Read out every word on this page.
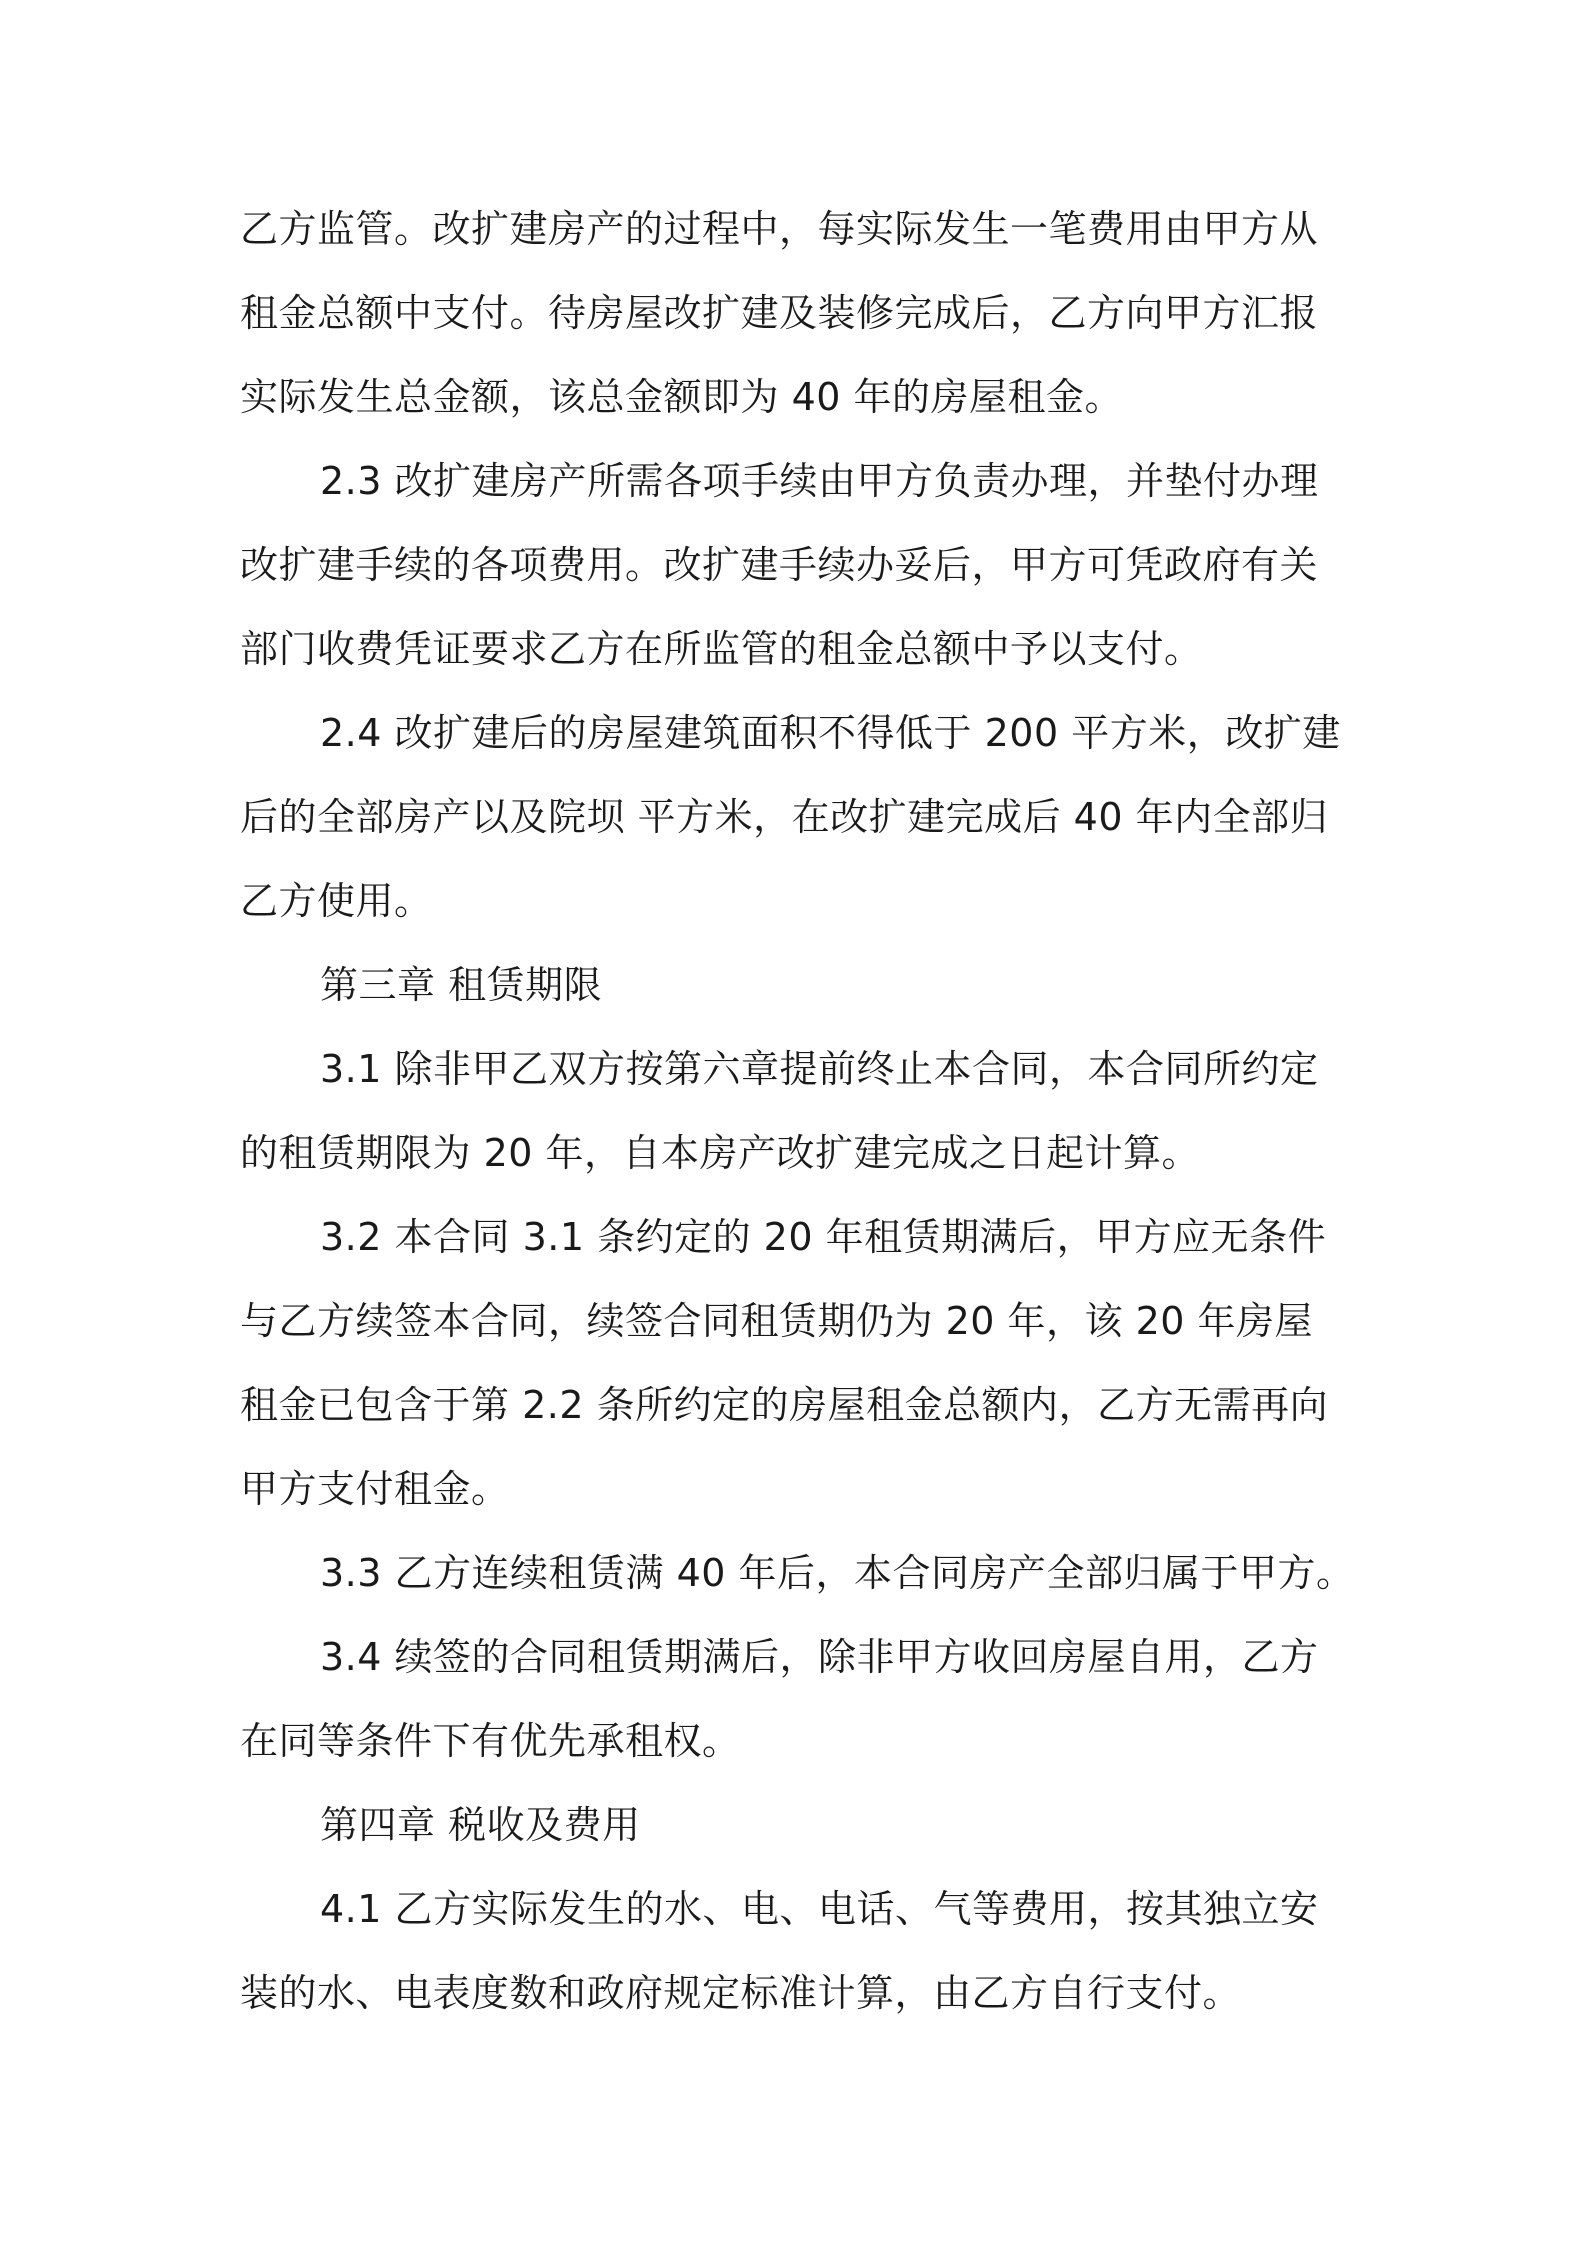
乙方监管。改扩建房产的过程中，每实际发生一笔费用由甲方从
租金总额中支付。待房屋改扩建及装修完成后，乙方向甲方汇报
实际发生总金额，该总金额即为 40 年的房屋租金。
2.3 改扩建房产所需各项手续由甲方负责办理，并垫付办理
改扩建手续的各项费用。改扩建手续办妥后，甲方可凭政府有关
部门收费凭证要求乙方在所监管的租金总额中予以支付。
2.4 改扩建后的房屋建筑面积不得低于 200 平方米，改扩建
后的全部房产以及院坝 平方米，在改扩建完成后 40 年内全部归
乙方使用。
第三章 租赁期限
3.1 除非甲乙双方按第六章提前终止本合同，本合同所约定
的租赁期限为 20 年，自本房产改扩建完成之日起计算。
3.2 本合同 3.1 条约定的 20 年租赁期满后，甲方应无条件
与乙方续签本合同，续签合同租赁期仍为 20 年，该 20 年房屋
租金已包含于第 2.2 条所约定的房屋租金总额内，乙方无需再向
甲方支付租金。
3.3 乙方连续租赁满 40 年后，本合同房产全部归属于甲方。
3.4 续签的合同租赁期满后，除非甲方收回房屋自用，乙方
在同等条件下有优先承租权。
第四章 税收及费用
4.1 乙方实际发生的水、电、电话、气等费用，按其独立安
装的水、电表度数和政府规定标准计算，由乙方自行支付。
